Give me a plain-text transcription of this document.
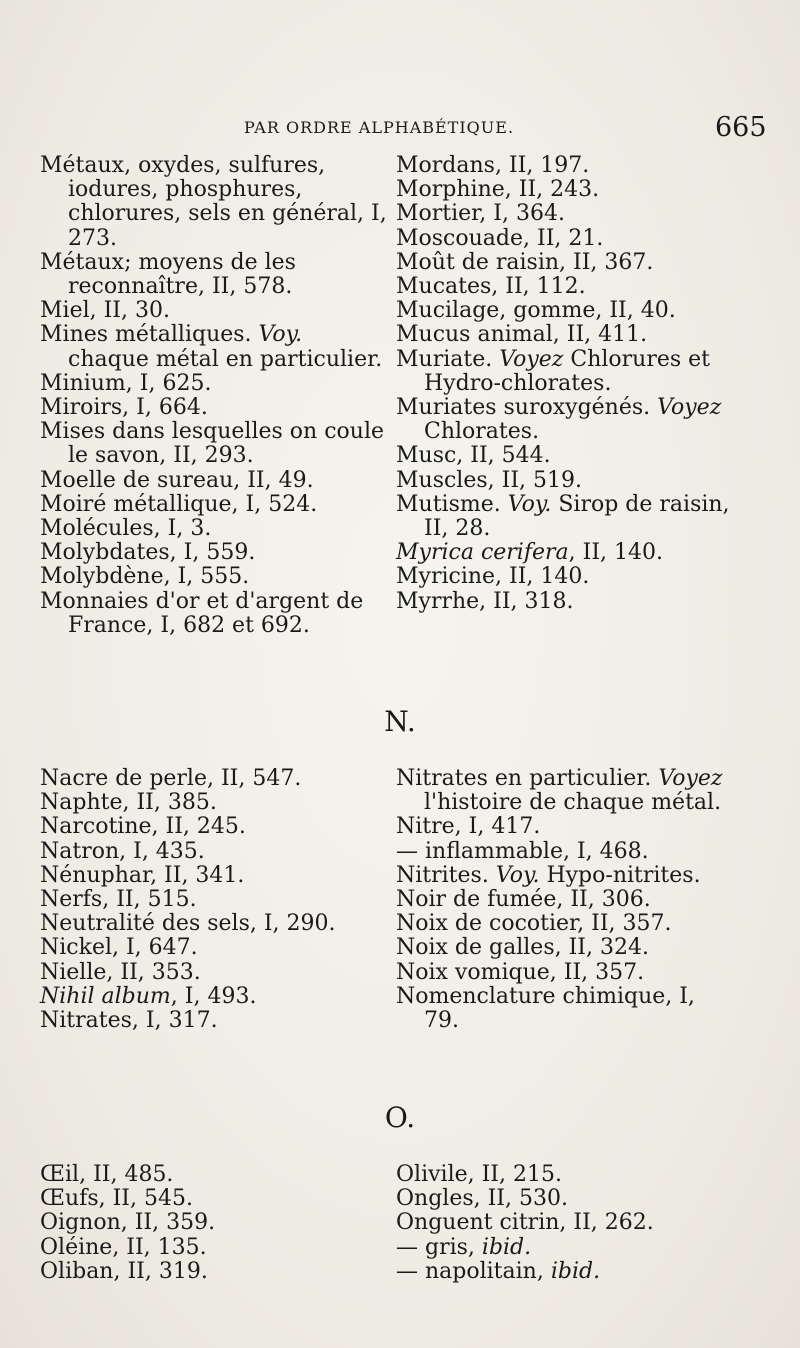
PAR ORDRE ALPHABÉTIQUE.	665

Métaux, oxydes, sulfures, iodures, phosphures, chlorures, sels en général, I, 273.

Métaux; moyens de les reconnaître, II, 578.

Miel, II, 30.

Mines métalliques. Voy. chaque métal en particulier.

Minium, I, 625.

Miroirs, I, 664.

Mises dans lesquelles on coule le savon, II, 293.

Moelle de sureau, II, 49.

Moiré métallique, I, 524.

Molécules, I, 3.

Molybdates, I, 559.

Molybdène, I, 555.

Monnaies d'or et d'argent de France, I, 682 et 692.

Mordans, II, 197.

Morphine, II, 243.

Mortier, I, 364.

Moscouade, II, 21.

Moût de raisin, II, 367.

Mucates, II, 112.

Mucilage, gomme, II, 40.

Mucus animal, II, 411.

Muriate. Voyez Chlorures et Hydro-chlorates.

Muriates suroxygénés. Voyez Chlorates.

Musc, II, 544.

Muscles, II, 519.

Mutisme. Voy. Sirop de raisin, II, 28.

Myrica cerifera, II, 140.

Myricine, II, 140.

Myrrhe, II, 318.

N.

Nacre de perle, II, 547.

Naphte, II, 385.

Narcotine, II, 245.

Natron, I, 435.

Nénuphar, II, 341.

Nerfs, II, 515.

Neutralité des sels, I, 290.

Nickel, I, 647.

Nielle, II, 353.

Nihil album, I, 493.

Nitrates, I, 317.

Nitrates en particulier. Voyez l'histoire de chaque métal.

Nitre, I, 417.

— inflammable, I, 468.

Nitrites. Voy. Hypo-nitrites.

Noir de fumée, II, 306.

Noix de cocotier, II, 357.

Noix de galles, II, 324.

Noix vomique, II, 357.

Nomenclature chimique, I, 79.

O.

Œil, II, 485.

Œufs, II, 545.

Oignon, II, 359.

Oléine, II, 135.

Oliban, II, 319.

Olivile, II, 215.

Ongles, II, 530.

Onguent citrin, II, 262.

— gris, ibid.

— napolitain, ibid.
